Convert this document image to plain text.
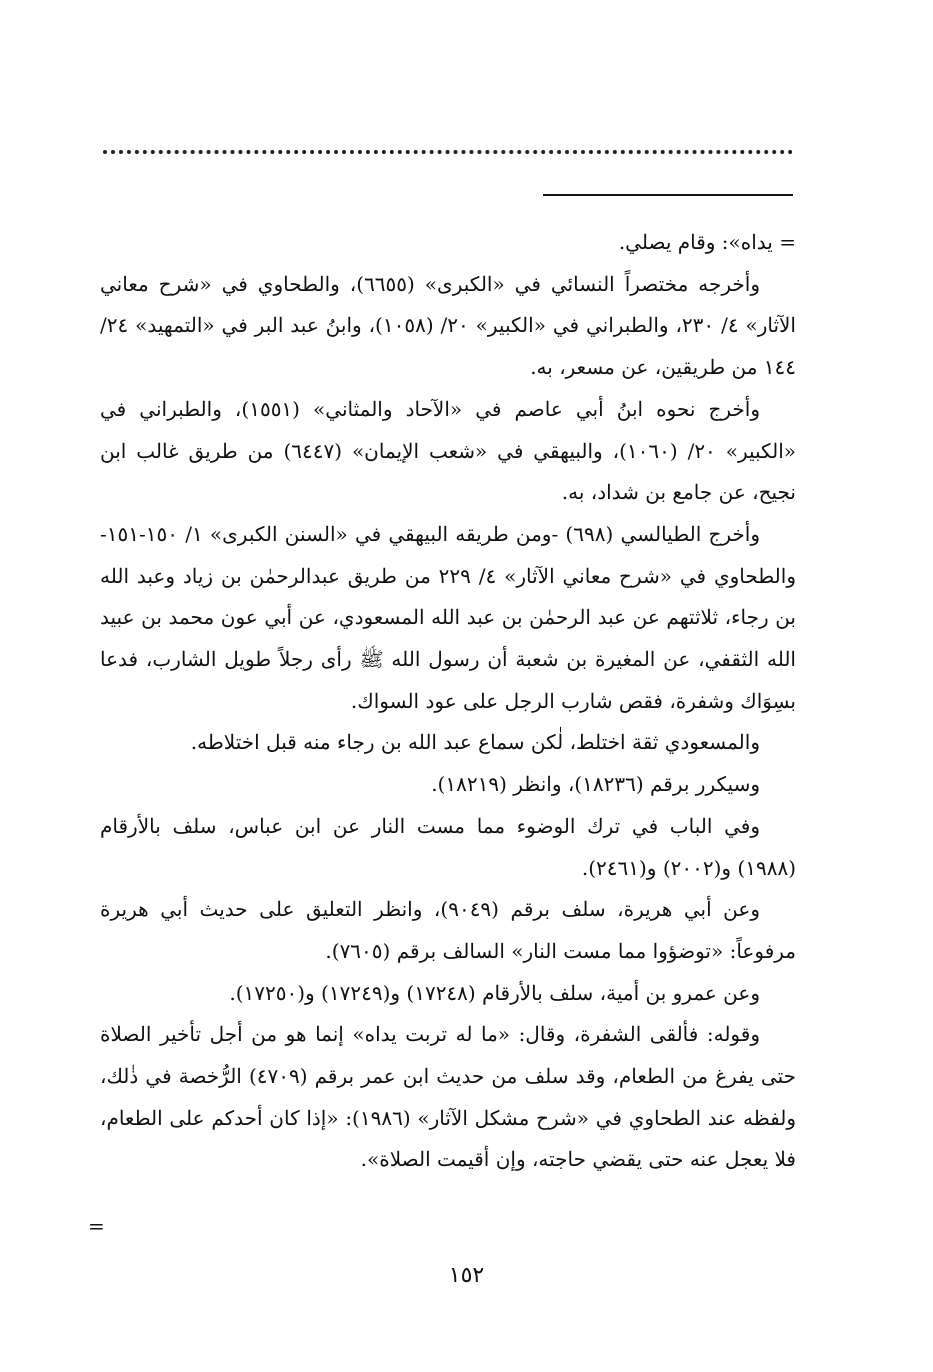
= يداه»: وقام يصلي.

وأخرجه مختصراً النسائي في «الكبرى» (٦٦٥٥)، والطحاوي في «شرح معاني الآثار» ٤/ ٢٣٠، والطبراني في «الكبير» ٢٠/ (١٠٥٨)، وابنُ عبد البر في «التمهيد» ٢٤/ ١٤٤ من طريقين، عن مسعر، به.

وأخرج نحوه ابنُ أبي عاصم في «الآحاد والمثاني» (١٥٥١)، والطبراني في «الكبير» ٢٠/ (١٠٦٠)، والبيهقي في «شعب الإيمان» (٦٤٤٧) من طريق غالب ابن نجيح، عن جامع بن شداد، به.

وأخرج الطيالسي (٦٩٨) -ومن طريقه البيهقي في «السنن الكبرى» ١/ ١٥٠-١٥١- والطحاوي في «شرح معاني الآثار» ٤/ ٢٢٩ من طريق عبدالرحمٰن بن زياد وعبد الله بن رجاء، ثلاثتهم عن عبد الرحمٰن بن عبد الله المسعودي، عن أبي عون محمد بن عبيد الله الثقفي، عن المغيرة بن شعبة أن رسول الله ﷺ رأى رجلاً طويل الشارب، فدعا بسِوَاك وشفرة، فقص شارب الرجل على عود السواك.

والمسعودي ثقة اختلط، لٰكن سماع عبد الله بن رجاء منه قبل اختلاطه.

وسيكرر برقم (١٨٢٣٦)، وانظر (١٨٢١٩).

وفي الباب في ترك الوضوء مما مست النار عن ابن عباس، سلف بالأرقام (١٩٨٨) و(٢٠٠٢) و(٢٤٦١).

وعن أبي هريرة، سلف برقم (٩٠٤٩)، وانظر التعليق على حديث أبي هريرة مرفوعاً: «توضؤوا مما مست النار» السالف برقم (٧٦٠٥).

وعن عمرو بن أمية، سلف بالأرقام (١٧٢٤٨) و(١٧٢٤٩) و(١٧٢٥٠).

وقوله: فألقى الشفرة، وقال: «ما له تربت يداه» إنما هو من أجل تأخير الصلاة حتى يفرغ من الطعام، وقد سلف من حديث ابن عمر برقم (٤٧٠٩) الرُّخصة في ذٰلك، ولفظه عند الطحاوي في «شرح مشكل الآثار» (١٩٨٦): «إذا كان أحدكم على الطعام، فلا يعجل عنه حتى يقضي حاجته، وإن أقيمت الصلاة».

=
١٥٢
